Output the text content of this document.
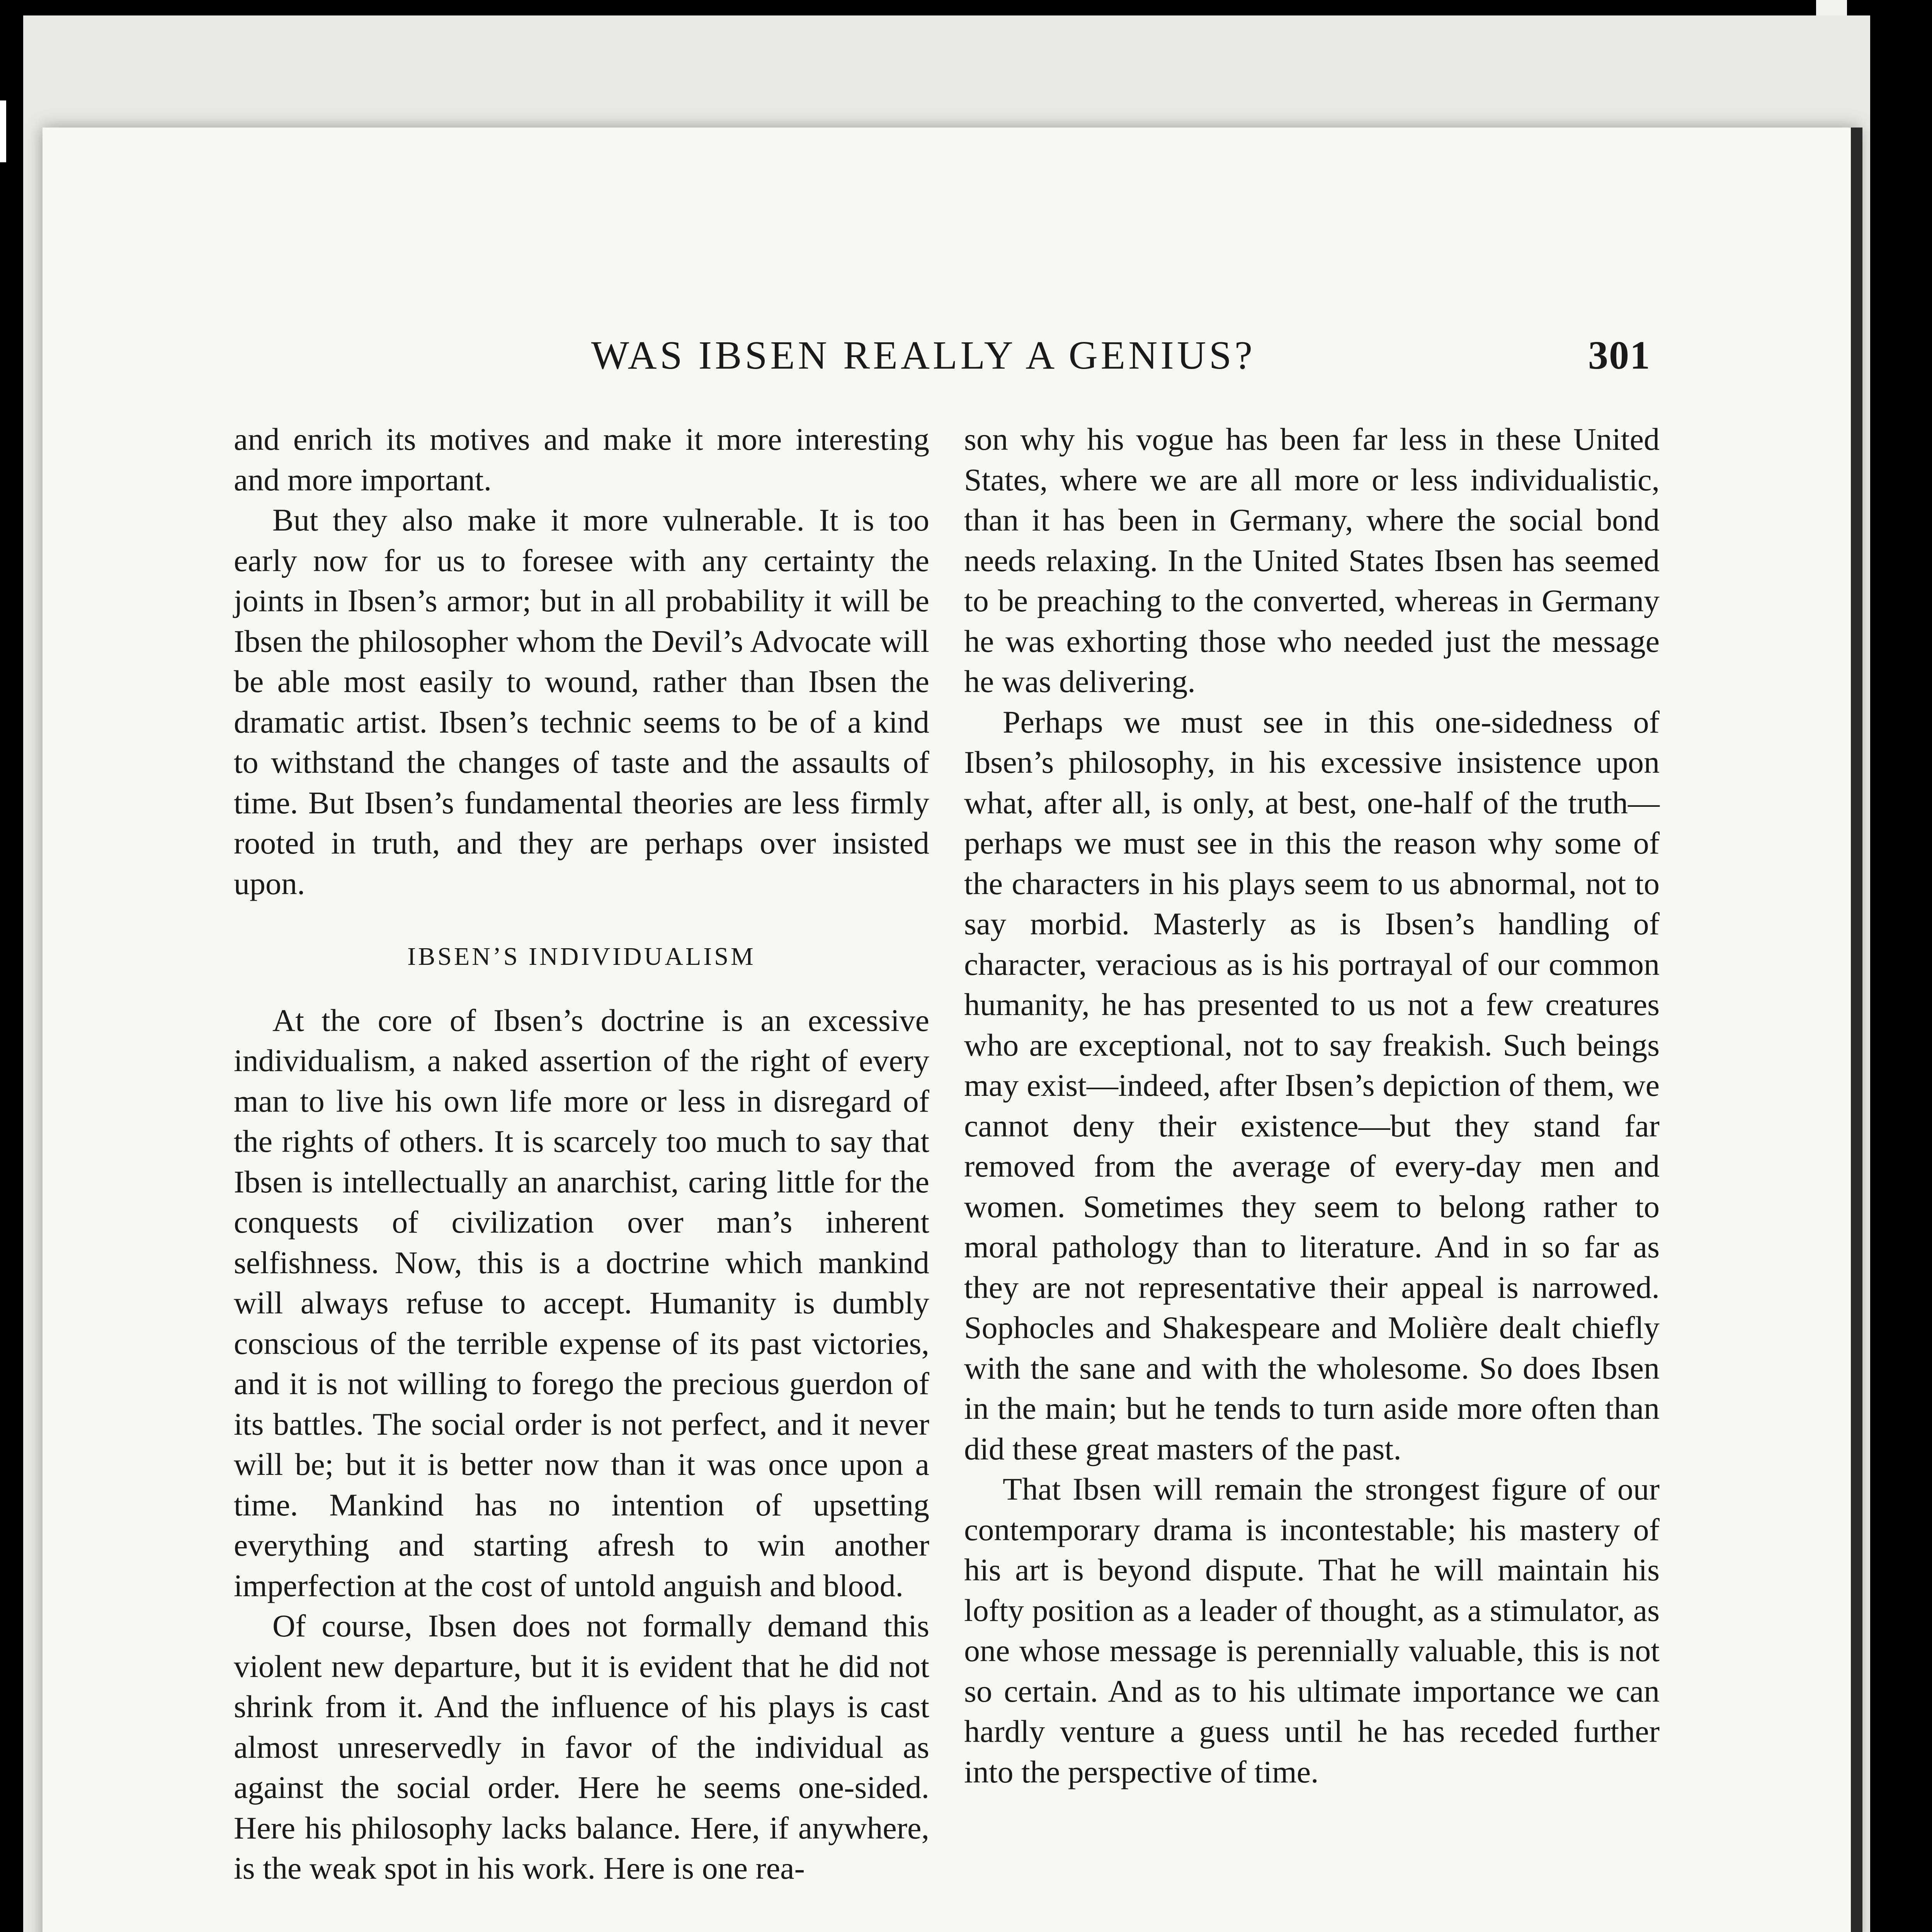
WAS IBSEN REALLY A GENIUS?	301

and enrich its motives and make it more interesting and more important.

But they also make it more vulnerable. It is too early now for us to foresee with any certainty the joints in Ibsen’s armor; but in all probability it will be Ibsen the philosopher whom the Devil’s Advocate will be able most easily to wound, rather than Ibsen the dramatic artist. Ibsen’s technic seems to be of a kind to withstand the changes of taste and the assaults of time. But Ibsen’s fundamental theories are less firmly rooted in truth, and they are perhaps over insisted upon.

IBSEN’S INDIVIDUALISM

At the core of Ibsen’s doctrine is an excessive individualism, a naked assertion of the right of every man to live his own life more or less in disregard of the rights of others. It is scarcely too much to say that Ibsen is intellectually an anarchist, caring little for the conquests of civilization over man’s inherent selfishness. Now, this is a doctrine which mankind will always refuse to accept. Humanity is dumbly conscious of the terrible expense of its past victories, and it is not willing to forego the precious guerdon of its battles. The social order is not perfect, and it never will be; but it is better now than it was once upon a time. Mankind has no intention of upsetting everything and starting afresh to win another imperfection at the cost of untold anguish and blood.

Of course, Ibsen does not formally demand this violent new departure, but it is evident that he did not shrink from it. And the influence of his plays is cast almost unreservedly in favor of the individual as against the social order. Here he seems one-sided. Here his philosophy lacks balance. Here, if anywhere, is the weak spot in his work. Here is one rea-

son why his vogue has been far less in these United States, where we are all more or less individualistic, than it has been in Germany, where the social bond needs relaxing. In the United States Ibsen has seemed to be preaching to the converted, whereas in Germany he was exhorting those who needed just the message he was delivering.

Perhaps we must see in this one-sidedness of Ibsen’s philosophy, in his excessive insistence upon what, after all, is only, at best, one-half of the truth—perhaps we must see in this the reason why some of the characters in his plays seem to us abnormal, not to say morbid. Masterly as is Ibsen’s handling of character, veracious as is his portrayal of our common humanity, he has presented to us not a few creatures who are exceptional, not to say freakish. Such beings may exist—indeed, after Ibsen’s depiction of them, we cannot deny their existence—but they stand far removed from the average of every-day men and women. Sometimes they seem to belong rather to moral pathology than to literature. And in so far as they are not representative their appeal is narrowed. Sophocles and Shakespeare and Molière dealt chiefly with the sane and with the wholesome. So does Ibsen in the main; but he tends to turn aside more often than did these great masters of the past.

That Ibsen will remain the strongest figure of our contemporary drama is incontestable; his mastery of his art is beyond dispute. That he will maintain his lofty position as a leader of thought, as a stimulator, as one whose message is perennially valuable, this is not so certain. And as to his ultimate importance we can hardly venture a guess until he has receded further into the perspective of time.
